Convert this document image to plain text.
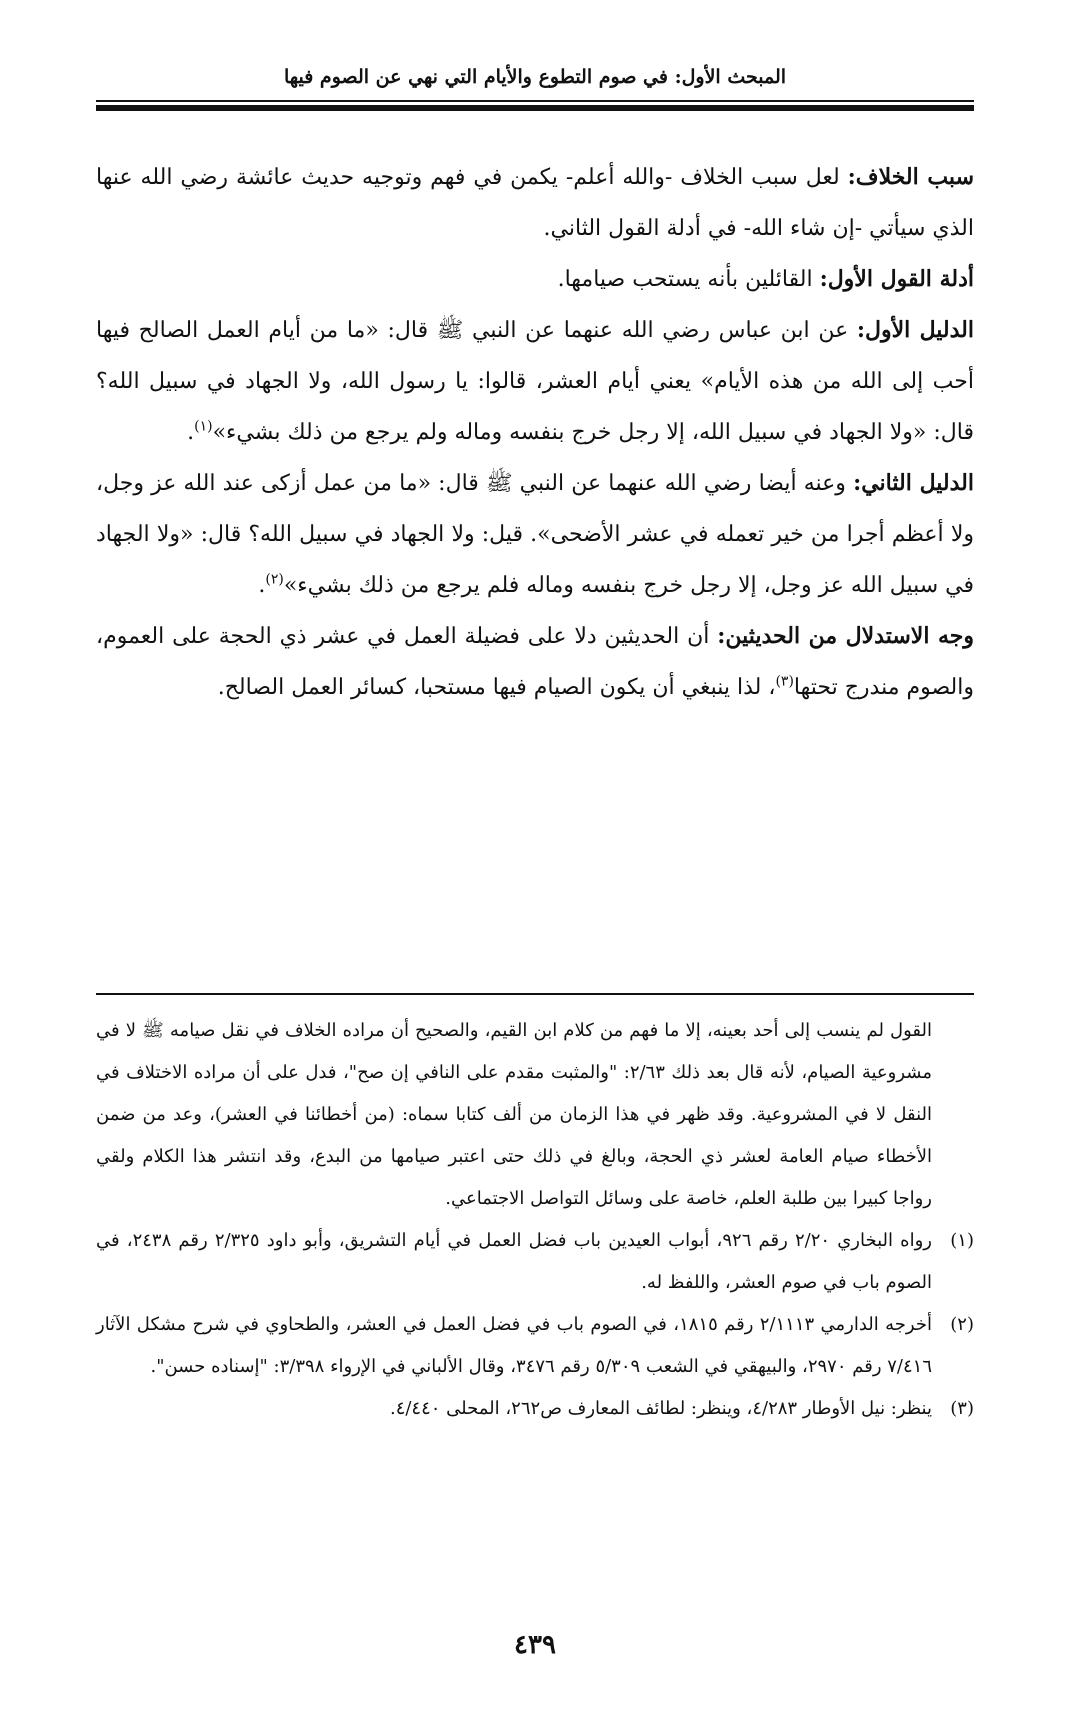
المبحث الأول: في صوم التطوع والأيام التي نهي عن الصوم فيها

سبب الخلاف: لعل سبب الخلاف -والله أعلم- يكمن في فهم وتوجيه حديث عائشة رضي الله عنها الذي سيأتي -إن شاء الله- في أدلة القول الثاني.

أدلة القول الأول: القائلين بأنه يستحب صيامها.

الدليل الأول: عن ابن عباس رضي الله عنهما عن النبي ﷺ قال: «ما من أيام العمل الصالح فيها أحب إلى الله من هذه الأيام» يعني أيام العشر، قالوا: يا رسول الله، ولا الجهاد في سبيل الله؟ قال: «ولا الجهاد في سبيل الله، إلا رجل خرج بنفسه وماله ولم يرجع من ذلك بشيء»$^{(١)}$.

الدليل الثاني: وعنه أيضا رضي الله عنهما عن النبي ﷺ قال: «ما من عمل أزكى عند الله عز وجل، ولا أعظم أجرا من خير تعمله في عشر الأضحى». قيل: ولا الجهاد في سبيل الله؟ قال: «ولا الجهاد في سبيل الله عز وجل، إلا رجل خرج بنفسه وماله فلم يرجع من ذلك بشيء»$^{(٢)}$.

وجه الاستدلال من الحديثين: أن الحديثين دلا على فضيلة العمل في عشر ذي الحجة على العموم، والصوم مندرج تحتها$^{(٣)}$، لذا ينبغي أن يكون الصيام فيها مستحبا، كسائر العمل الصالح.

القول لم ينسب إلى أحد بعينه، إلا ما فهم من كلام ابن القيم، والصحيح أن مراده الخلاف في نقل صيامه ﷺ لا في مشروعية الصيام، لأنه قال بعد ذلك ٢/٦٣: "والمثبت مقدم على النافي إن صح"، فدل على أن مراده الاختلاف في النقل لا في المشروعية. وقد ظهر في هذا الزمان من ألف كتابا سماه: (من أخطائنا في العشر)، وعد من ضمن الأخطاء صيام العامة لعشر ذي الحجة، وبالغ في ذلك حتى اعتبر صيامها من البدع، وقد انتشر هذا الكلام ولقي رواجا كبيرا بين طلبة العلم، خاصة على وسائل التواصل الاجتماعي.

(١)
رواه البخاري ٢/٢٠ رقم ٩٢٦، أبواب العيدين باب فضل العمل في أيام التشريق، وأبو داود ٢/٣٢٥ رقم ٢٤٣٨، في الصوم باب في صوم العشر، واللفظ له.
(٢)
أخرجه الدارمي ٢/١١١٣ رقم ١٨١٥، في الصوم باب في فضل العمل في العشر، والطحاوي في شرح مشكل الآثار ٧/٤١٦ رقم ٢٩٧٠، والبيهقي في الشعب ٥/٣٠٩ رقم ٣٤٧٦، وقال الألباني في الإرواء ٣/٣٩٨: "إسناده حسن".
(٣)
ينظر: نيل الأوطار ٤/٢٨٣، وينظر: لطائف المعارف ص٢٦٢، المحلى ٤/٤٤٠.
٤٣٩
